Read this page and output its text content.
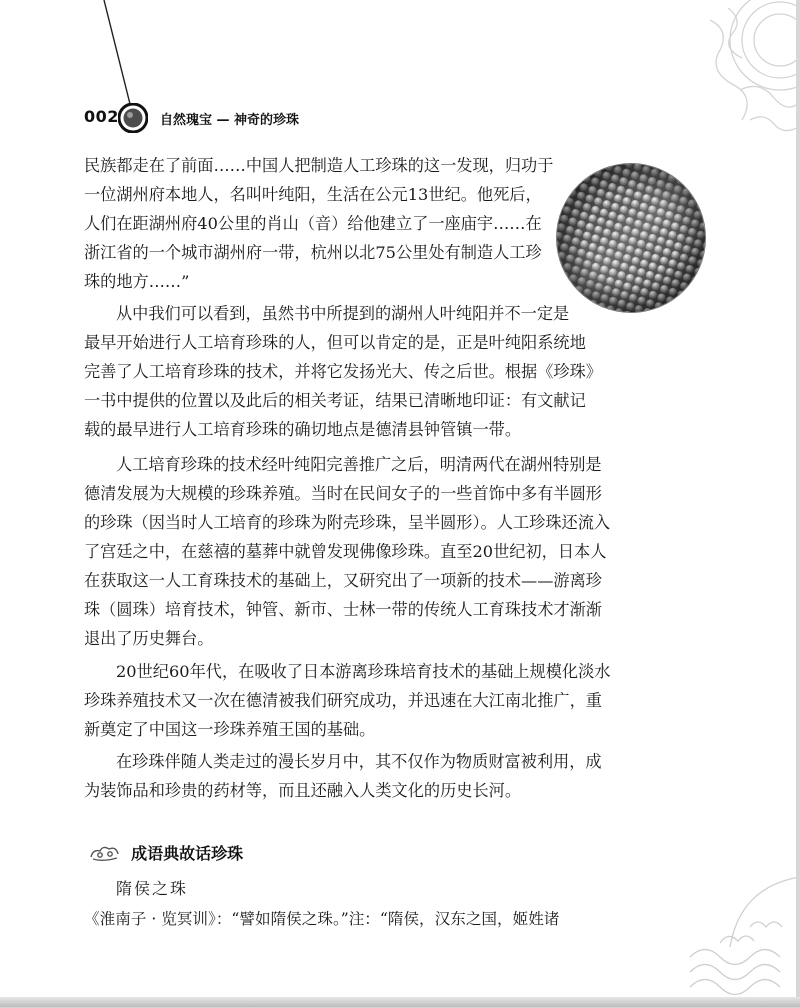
002	自然瑰宝 — 神奇的珍珠
民族都走在了前面……中国人把制造人工珍珠的这一发现，归功于
一位湖州府本地人，名叫叶纯阳，生活在公元13世纪。他死后，
人们在距湖州府40公里的肖山（音）给他建立了一座庙宇……在
浙江省的一个城市湖州府一带，杭州以北75公里处有制造人工珍
珠的地方……”
从中我们可以看到，虽然书中所提到的湖州人叶纯阳并不一定是
最早开始进行人工培育珍珠的人，但可以肯定的是，正是叶纯阳系统地
完善了人工培育珍珠的技术，并将它发扬光大、传之后世。根据《珍珠》
一书中提供的位置以及此后的相关考证，结果已清晰地印证：有文献记
载的最早进行人工培育珍珠的确切地点是德清县钟管镇一带。
人工培育珍珠的技术经叶纯阳完善推广之后，明清两代在湖州特别是
德清发展为大规模的珍珠养殖。当时在民间女子的一些首饰中多有半圆形
的珍珠（因当时人工培育的珍珠为附壳珍珠，呈半圆形）。人工珍珠还流入
了宫廷之中，在慈禧的墓葬中就曾发现佛像珍珠。直至20世纪初，日本人
在获取这一人工育珠技术的基础上，又研究出了一项新的技术——游离珍
珠（圆珠）培育技术，钟管、新市、士林一带的传统人工育珠技术才渐渐
退出了历史舞台。
20世纪60年代，在吸收了日本游离珍珠培育技术的基础上规模化淡水
珍珠养殖技术又一次在德清被我们研究成功，并迅速在大江南北推广，重
新奠定了中国这一珍珠养殖王国的基础。
在珍珠伴随人类走过的漫长岁月中，其不仅作为物质财富被利用，成
为装饰品和珍贵的药材等，而且还融入人类文化的历史长河。
成语典故话珍珠
隋侯之珠
《淮南子 · 览冥训》：“譬如隋侯之珠。”注：“隋侯，汉东之国，姬姓诸
